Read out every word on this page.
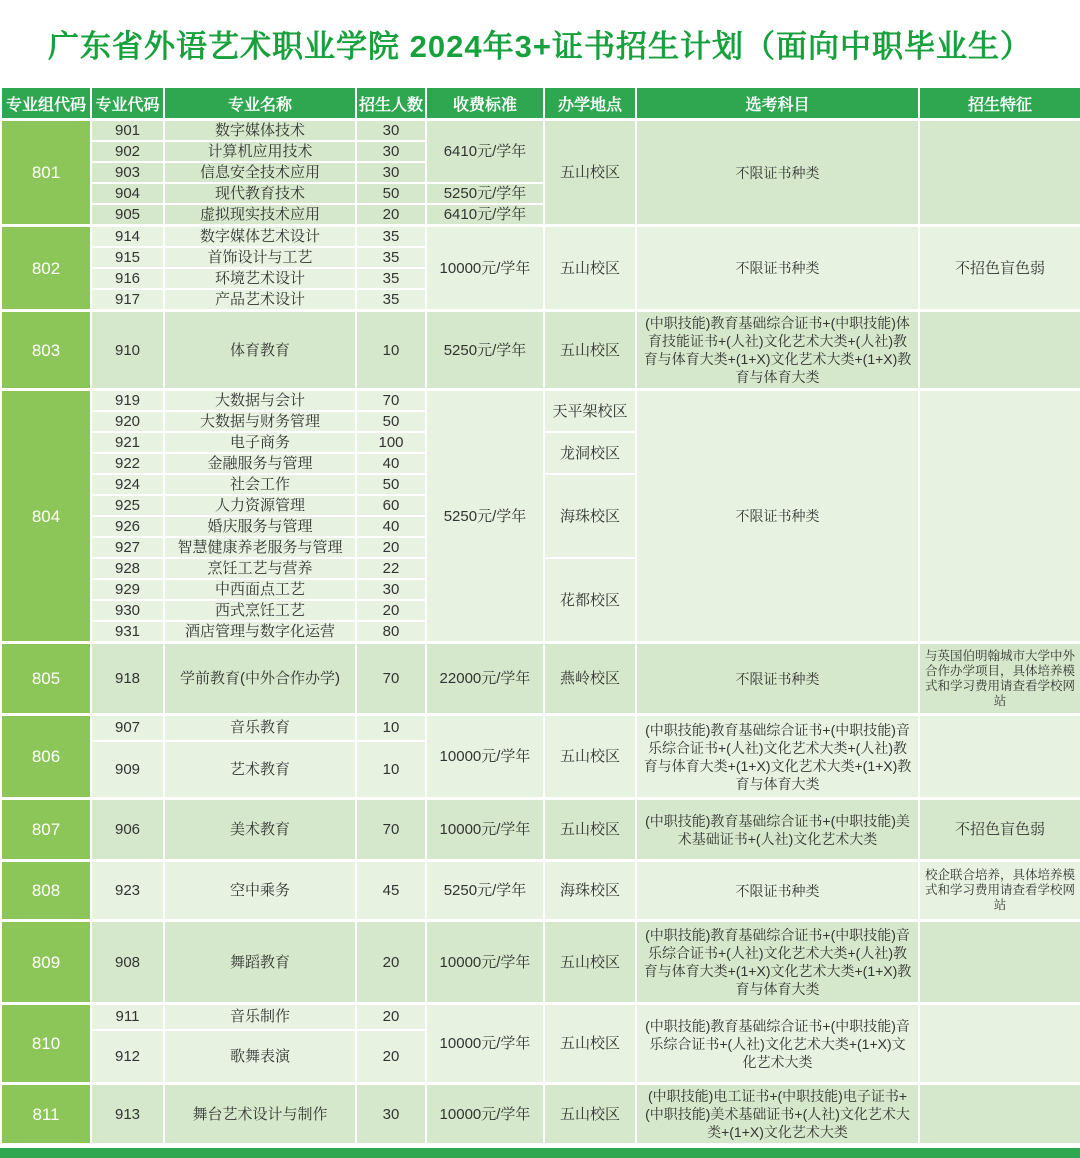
广东省外语艺术职业学院 2024年3+证书招生计划（面向中职毕业生）
专业组代码	专业代码	专业名称	招生人数	收费标准	办学地点	选考科目	招生特征
801	901	数字媒体技术	30	6410元/学年	五山校区	不限证书种类	
	902	计算机应用技术	30				
	903	信息安全技术应用	30				
	904	现代教育技术	50	5250元/学年			
	905	虚拟现实技术应用	20	6410元/学年			
802	914	数字媒体艺术设计	35	10000元/学年	五山校区	不限证书种类	不招色盲色弱
	915	首饰设计与工艺	35				
	916	环境艺术设计	35				
	917	产品艺术设计	35				
803	910	体育教育	10	5250元/学年	五山校区	(中职技能)教育基础综合证书+(中职技能)体育技能证书+(人社)文化艺术大类+(人社)教育与体育大类+(1+X)文化艺术大类+(1+X)教育与体育大类	
804	919	大数据与会计	70	5250元/学年	天平架校区	不限证书种类	
	920	大数据与财务管理	50				
	921	电子商务	100		龙洞校区		
	922	金融服务与管理	40				
	924	社会工作	50		海珠校区		
	925	人力资源管理	60				
	926	婚庆服务与管理	40				
	927	智慧健康养老服务与管理	20				
	928	烹饪工艺与营养	22		花都校区		
	929	中西面点工艺	30				
	930	西式烹饪工艺	20				
	931	酒店管理与数字化运营	80				
805	918	学前教育(中外合作办学)	70	22000元/学年	燕岭校区	不限证书种类	与英国伯明翰城市大学中外合作办学项目，具体培养模式和学习费用请查看学校网站
806	907	音乐教育	10	10000元/学年	五山校区	(中职技能)教育基础综合证书+(中职技能)音乐综合证书+(人社)文化艺术大类+(人社)教育与体育大类+(1+X)文化艺术大类+(1+X)教育与体育大类	
	909	艺术教育	10				
807	906	美术教育	70	10000元/学年	五山校区	(中职技能)教育基础综合证书+(中职技能)美术基础证书+(人社)文化艺术大类	不招色盲色弱
808	923	空中乘务	45	5250元/学年	海珠校区	不限证书种类	校企联合培养，具体培养模式和学习费用请查看学校网站
809	908	舞蹈教育	20	10000元/学年	五山校区	(中职技能)教育基础综合证书+(中职技能)音乐综合证书+(人社)文化艺术大类+(人社)教育与体育大类+(1+X)文化艺术大类+(1+X)教育与体育大类	
810	911	音乐制作	20	10000元/学年	五山校区	(中职技能)教育基础综合证书+(中职技能)音乐综合证书+(人社)文化艺术大类+(1+X)文化艺术大类	
	912	歌舞表演	20				
811	913	舞台艺术设计与制作	30	10000元/学年	五山校区	(中职技能)电工证书+(中职技能)电子证书+(中职技能)美术基础证书+(人社)文化艺术大类+(1+X)文化艺术大类	
